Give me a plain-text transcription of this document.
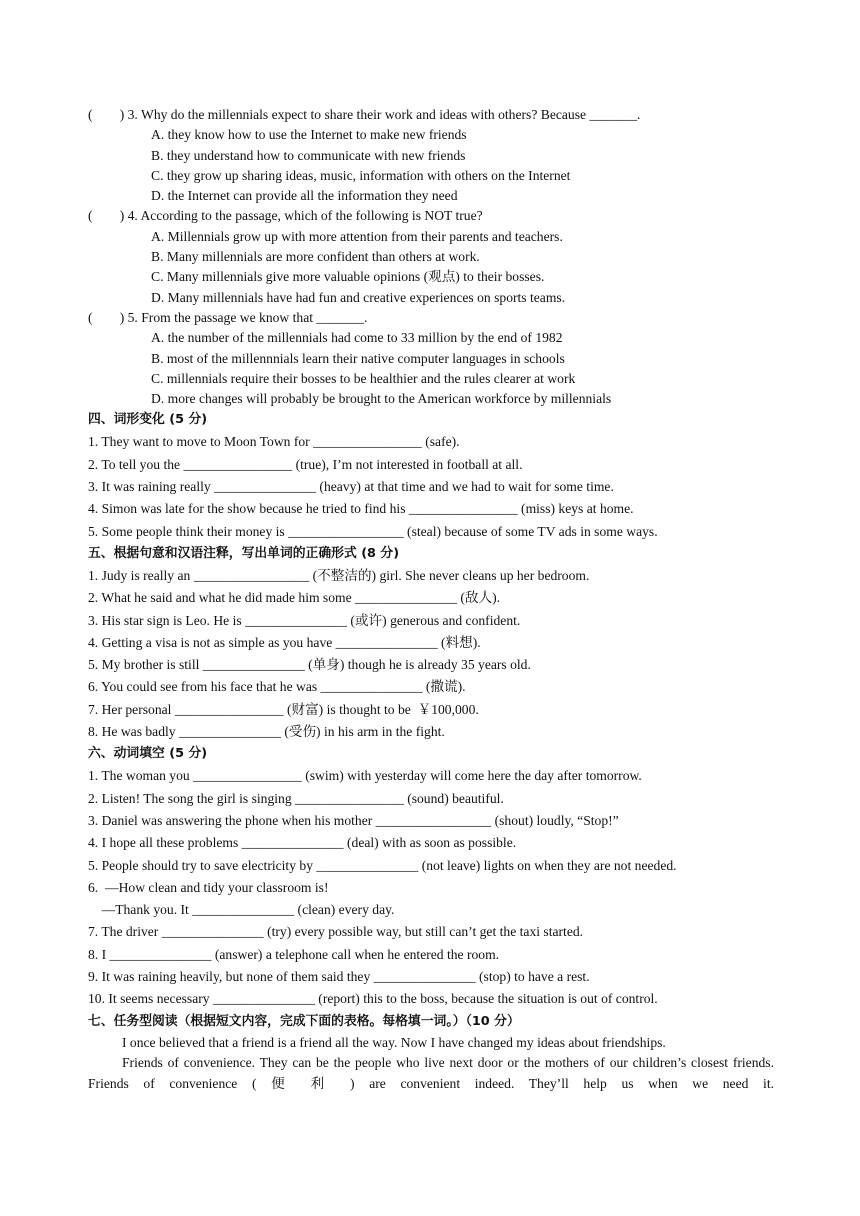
(        ) 3. Why do the millennials expect to share their work and ideas with others? Because _______.
A. they know how to use the Internet to make new friends
B. they understand how to communicate with new friends
C. they grow up sharing ideas, music, information with others on the Internet
D. the Internet can provide all the information they need
(        ) 4. According to the passage, which of the following is NOT true?
A. Millennials grow up with more attention from their parents and teachers.
B. Many millennials are more confident than others at work.
C. Many millennials give more valuable opinions (观点) to their bosses.
D. Many millennials have had fun and creative experiences on sports teams.
(        ) 5. From the passage we know that _______.
A. the number of the millennials had come to 33 million by the end of 1982
B. most of the millennnials learn their native computer languages in schools
C. millennials require their bosses to be healthier and the rules clearer at work
D. more changes will probably be brought to the American workforce by millennials
四、词形变化 (5 分)
1. They want to move to Moon Town for ________________ (safe).
2. To tell you the ________________ (true), I’m not interested in football at all.
3. It was raining really _______________ (heavy) at that time and we had to wait for some time.
4. Simon was late for the show because he tried to find his ________________ (miss) keys at home.
5. Some people think their money is _________________ (steal) because of some TV ads in some ways.
五、根据句意和汉语注释，写出单词的正确形式 (8 分)
1. Judy is really an _________________ (不整洁的) girl. She never cleans up her bedroom.
2. What he said and what he did made him some _______________ (敌人).
3. His star sign is Leo. He is _______________ (或许) generous and confident.
4. Getting a visa is not as simple as you have _______________ (料想).
5. My brother is still _______________ (单身) though he is already 35 years old.
6. You could see from his face that he was _______________ (撒谎).
7. Her personal ________________ (财富) is thought to be  ￥100,000.
8. He was badly _______________ (受伤) in his arm in the fight.
六、动词填空 (5 分)
1. The woman you ________________ (swim) with yesterday will come here the day after tomorrow.
2. Listen! The song the girl is singing ________________ (sound) beautiful.
3. Daniel was answering the phone when his mother _________________ (shout) loudly, “Stop!”
4. I hope all these problems _______________ (deal) with as soon as possible.
5. People should try to save electricity by _______________ (not leave) lights on when they are not needed.
6.  —How clean and tidy your classroom is!
—Thank you. It _______________ (clean) every day.
7. The driver _______________ (try) every possible way, but still can’t get the taxi started.
8. I _______________ (answer) a telephone call when he entered the room.
9. It was raining heavily, but none of them said they _______________ (stop) to have a rest.
10. It seems necessary _______________ (report) this to the boss, because the situation is out of control.
七、任务型阅读（根据短文内容，完成下面的表格。每格填一词。）（10 分）
I once believed that a friend is a friend all the way. Now I have changed my ideas about friendships.
Friends of convenience. They can be the people who live next door or the mothers of our children’s closest friends. Friends of convenience ( 便 利 ) are convenient indeed. They’ll help us when we need it.
